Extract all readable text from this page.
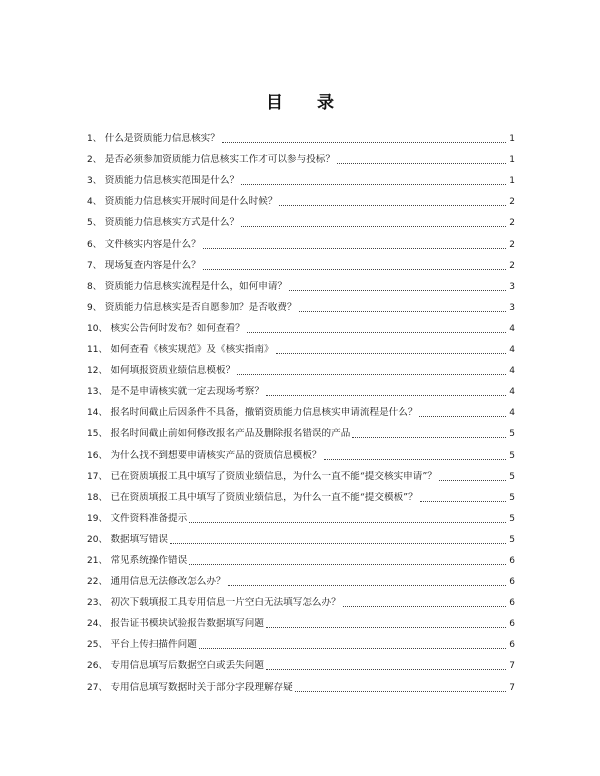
目 录
1、 什么是资质能力信息核实？	1
2、 是否必须参加资质能力信息核实工作才可以参与投标？	1
3、 资质能力信息核实范围是什么？	1
4、 资质能力信息核实开展时间是什么时候？	2
5、 资质能力信息核实方式是什么？	2
6、 文件核实内容是什么？	2
7、 现场复查内容是什么？	2
8、 资质能力信息核实流程是什么，如何申请？	3
9、 资质能力信息核实是否自愿参加？是否收费？	3
10、 核实公告何时发布？如何查看？	4
11、 如何查看《核实规范》及《核实指南》	4
12、 如何填报资质业绩信息模板？	4
13、 是不是申请核实就一定去现场考察？	4
14、 报名时间截止后因条件不具备，撤销资质能力信息核实申请流程是什么？	4
15、 报名时间截止前如何修改报名产品及删除报名错误的产品	5
16、 为什么找不到想要申请核实产品的资质信息模板？	5
17、 已在资质填报工具中填写了资质业绩信息，为什么一直不能“提交核实申请”？	5
18、 已在资质填报工具中填写了资质业绩信息，为什么一直不能“提交模板”？	5
19、 文件资料准备提示	5
20、 数据填写错误	5
21、 常见系统操作错误	6
22、 通用信息无法修改怎么办？	6
23、 初次下载填报工具专用信息一片空白无法填写怎么办？	6
24、 报告证书模块试验报告数据填写问题	6
25、 平台上传扫描件问题	6
26、 专用信息填写后数据空白或丢失问题	7
27、 专用信息填写数据时关于部分字段理解存疑	7
